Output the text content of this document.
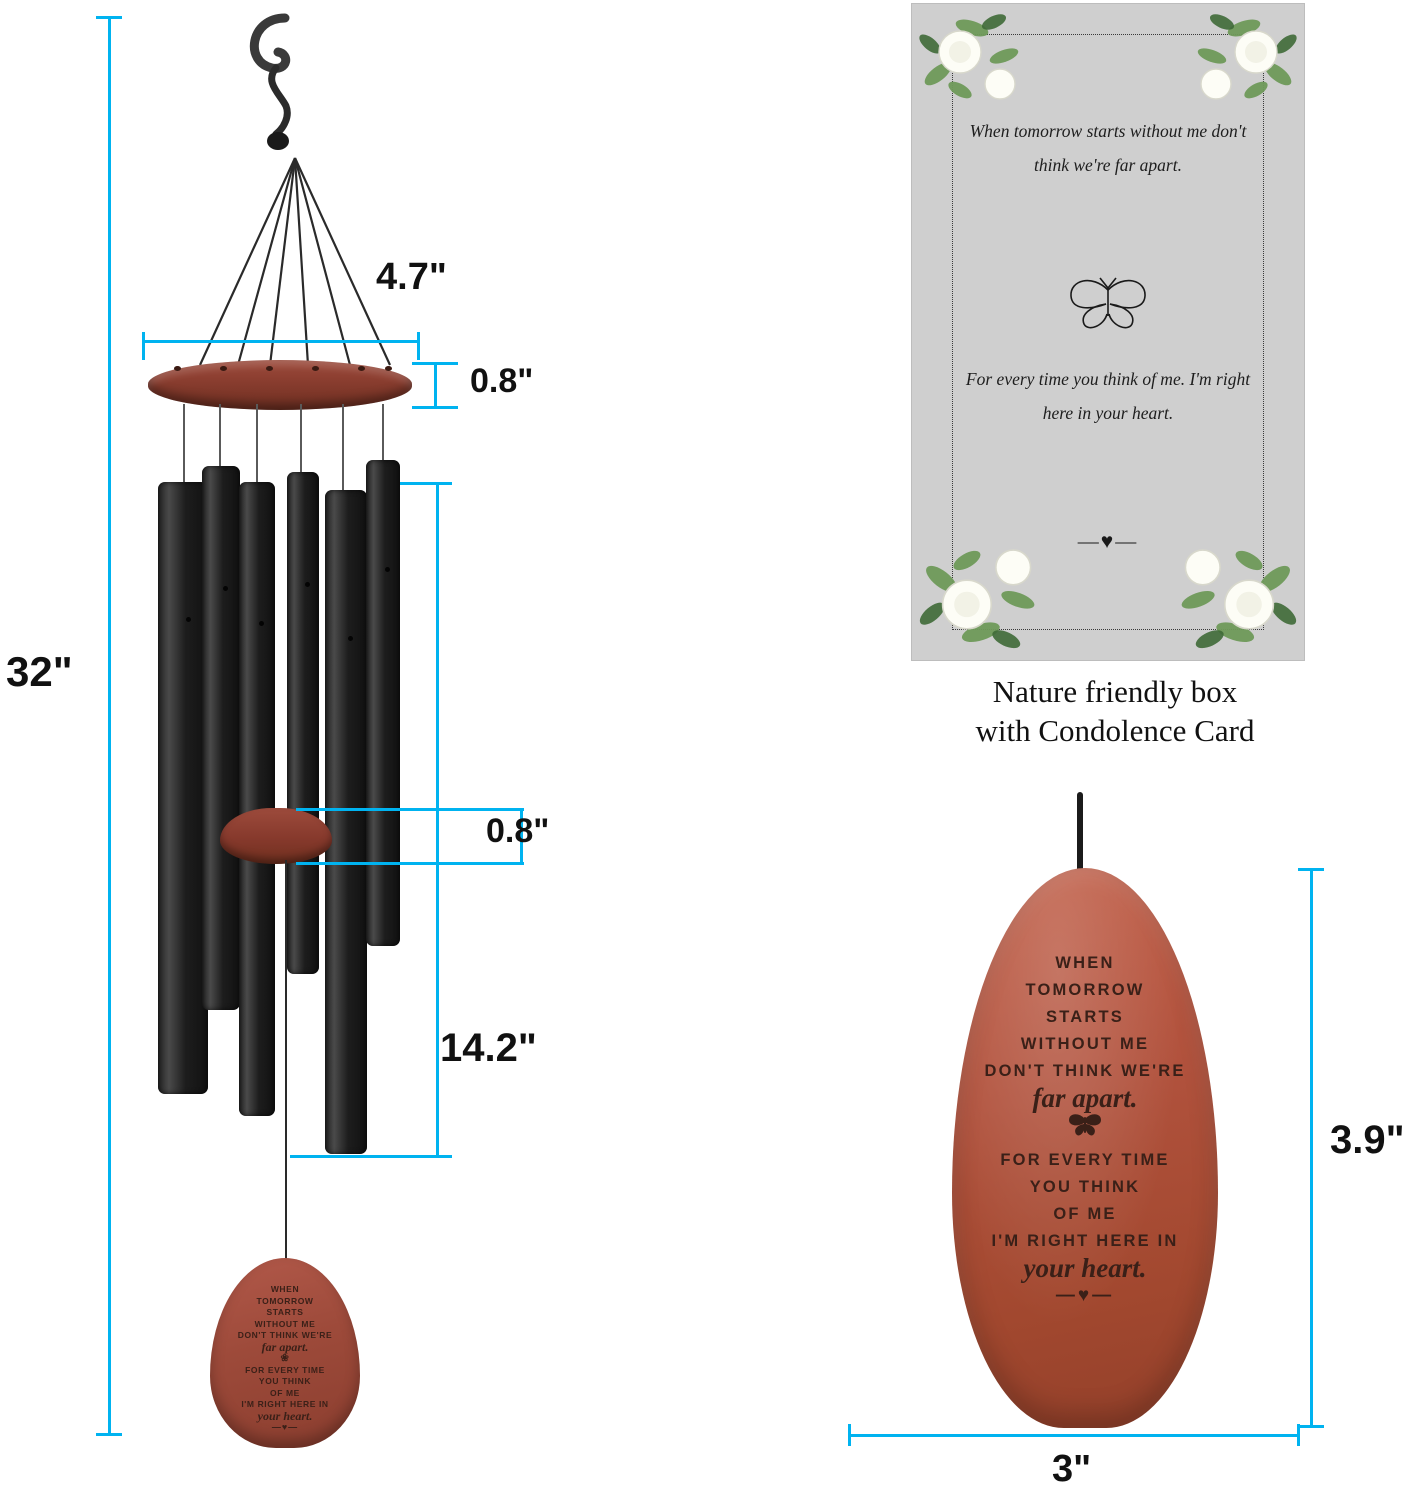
WHEN
TOMORROW
STARTS
WITHOUT ME
DON'T THINK WE'RE
far apart.
❀
FOR EVERY TIME
YOU THINK
OF ME
I'M RIGHT HERE IN
your heart.
—♥—
32"
4.7"
0.8"
14.2"
0.8"
When tomorrow starts without me don't think we're far apart.
For every time you think of me. I'm right here in your heart.
—♥—
Nature friendly box
with Condolence Card
WHEN
TOMORROW
STARTS
WITHOUT ME
DON'T THINK WE'RE
far apart.
FOR EVERY TIME
YOU THINK
OF ME
I'M RIGHT HERE IN
your heart.
—♥—
3.9"
3"
